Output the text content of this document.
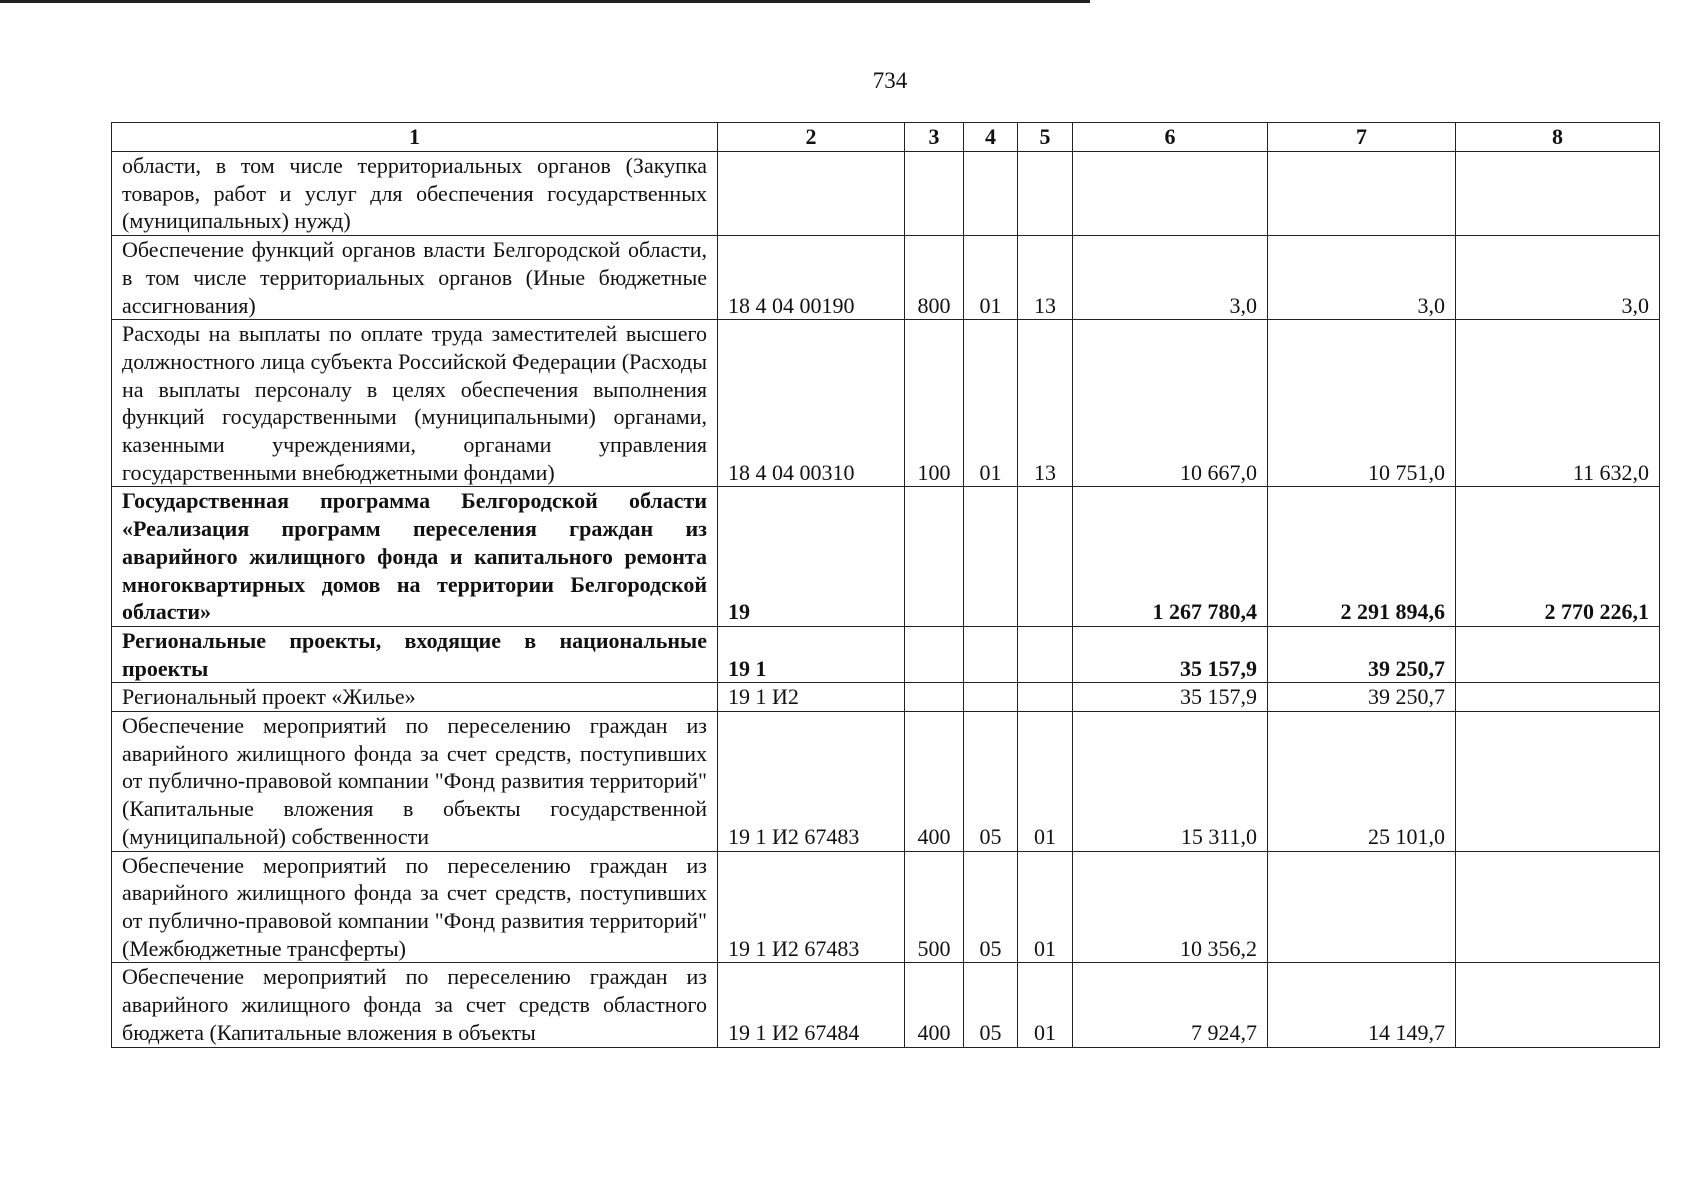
734
1	2	3	4	5	6	7	8
области, в том числе территориальных органов (Закупка товаров, работ и услуг для обеспечения государственных (муниципальных) нужд)							
Обеспечение функций органов власти Белгородской области, в том числе территориальных органов (Иные бюджетные ассигнования)	18 4 04 00190	800	01	13	3,0	3,0	3,0
Расходы на выплаты по оплате труда заместителей высшего должностного лица субъекта Российской Федерации (Расходы на выплаты персоналу в целях обеспечения выполнения функций государственными (муниципальными) органами, казенными учреждениями, органами управления государственными внебюджетными фондами)	18 4 04 00310	100	01	13	10 667,0	10 751,0	11 632,0
Государственная программа Белгородской области «Реализация программ переселения граждан из аварийного жилищного фонда и капитального ремонта многоквартирных домов на территории Белгородской области»	19				1 267 780,4	2 291 894,6	2 770 226,1
Региональные проекты, входящие в национальные проекты	19 1				35 157,9	39 250,7	
Региональный проект «Жилье»	19 1 И2				35 157,9	39 250,7	
Обеспечение мероприятий по переселению граждан из аварийного жилищного фонда за счет средств, поступивших от публично-правовой компании "Фонд развития территорий" (Капитальные вложения в объекты государственной (муниципальной) собственности	19 1 И2 67483	400	05	01	15 311,0	25 101,0	
Обеспечение мероприятий по переселению граждан из аварийного жилищного фонда за счет средств, поступивших от публично-правовой компании "Фонд развития территорий" (Межбюджетные трансферты)	19 1 И2 67483	500	05	01	10 356,2		
Обеспечение мероприятий по переселению граждан из аварийного жилищного фонда за счет средств областного бюджета (Капитальные вложения в объекты	19 1 И2 67484	400	05	01	7 924,7	14 149,7	
